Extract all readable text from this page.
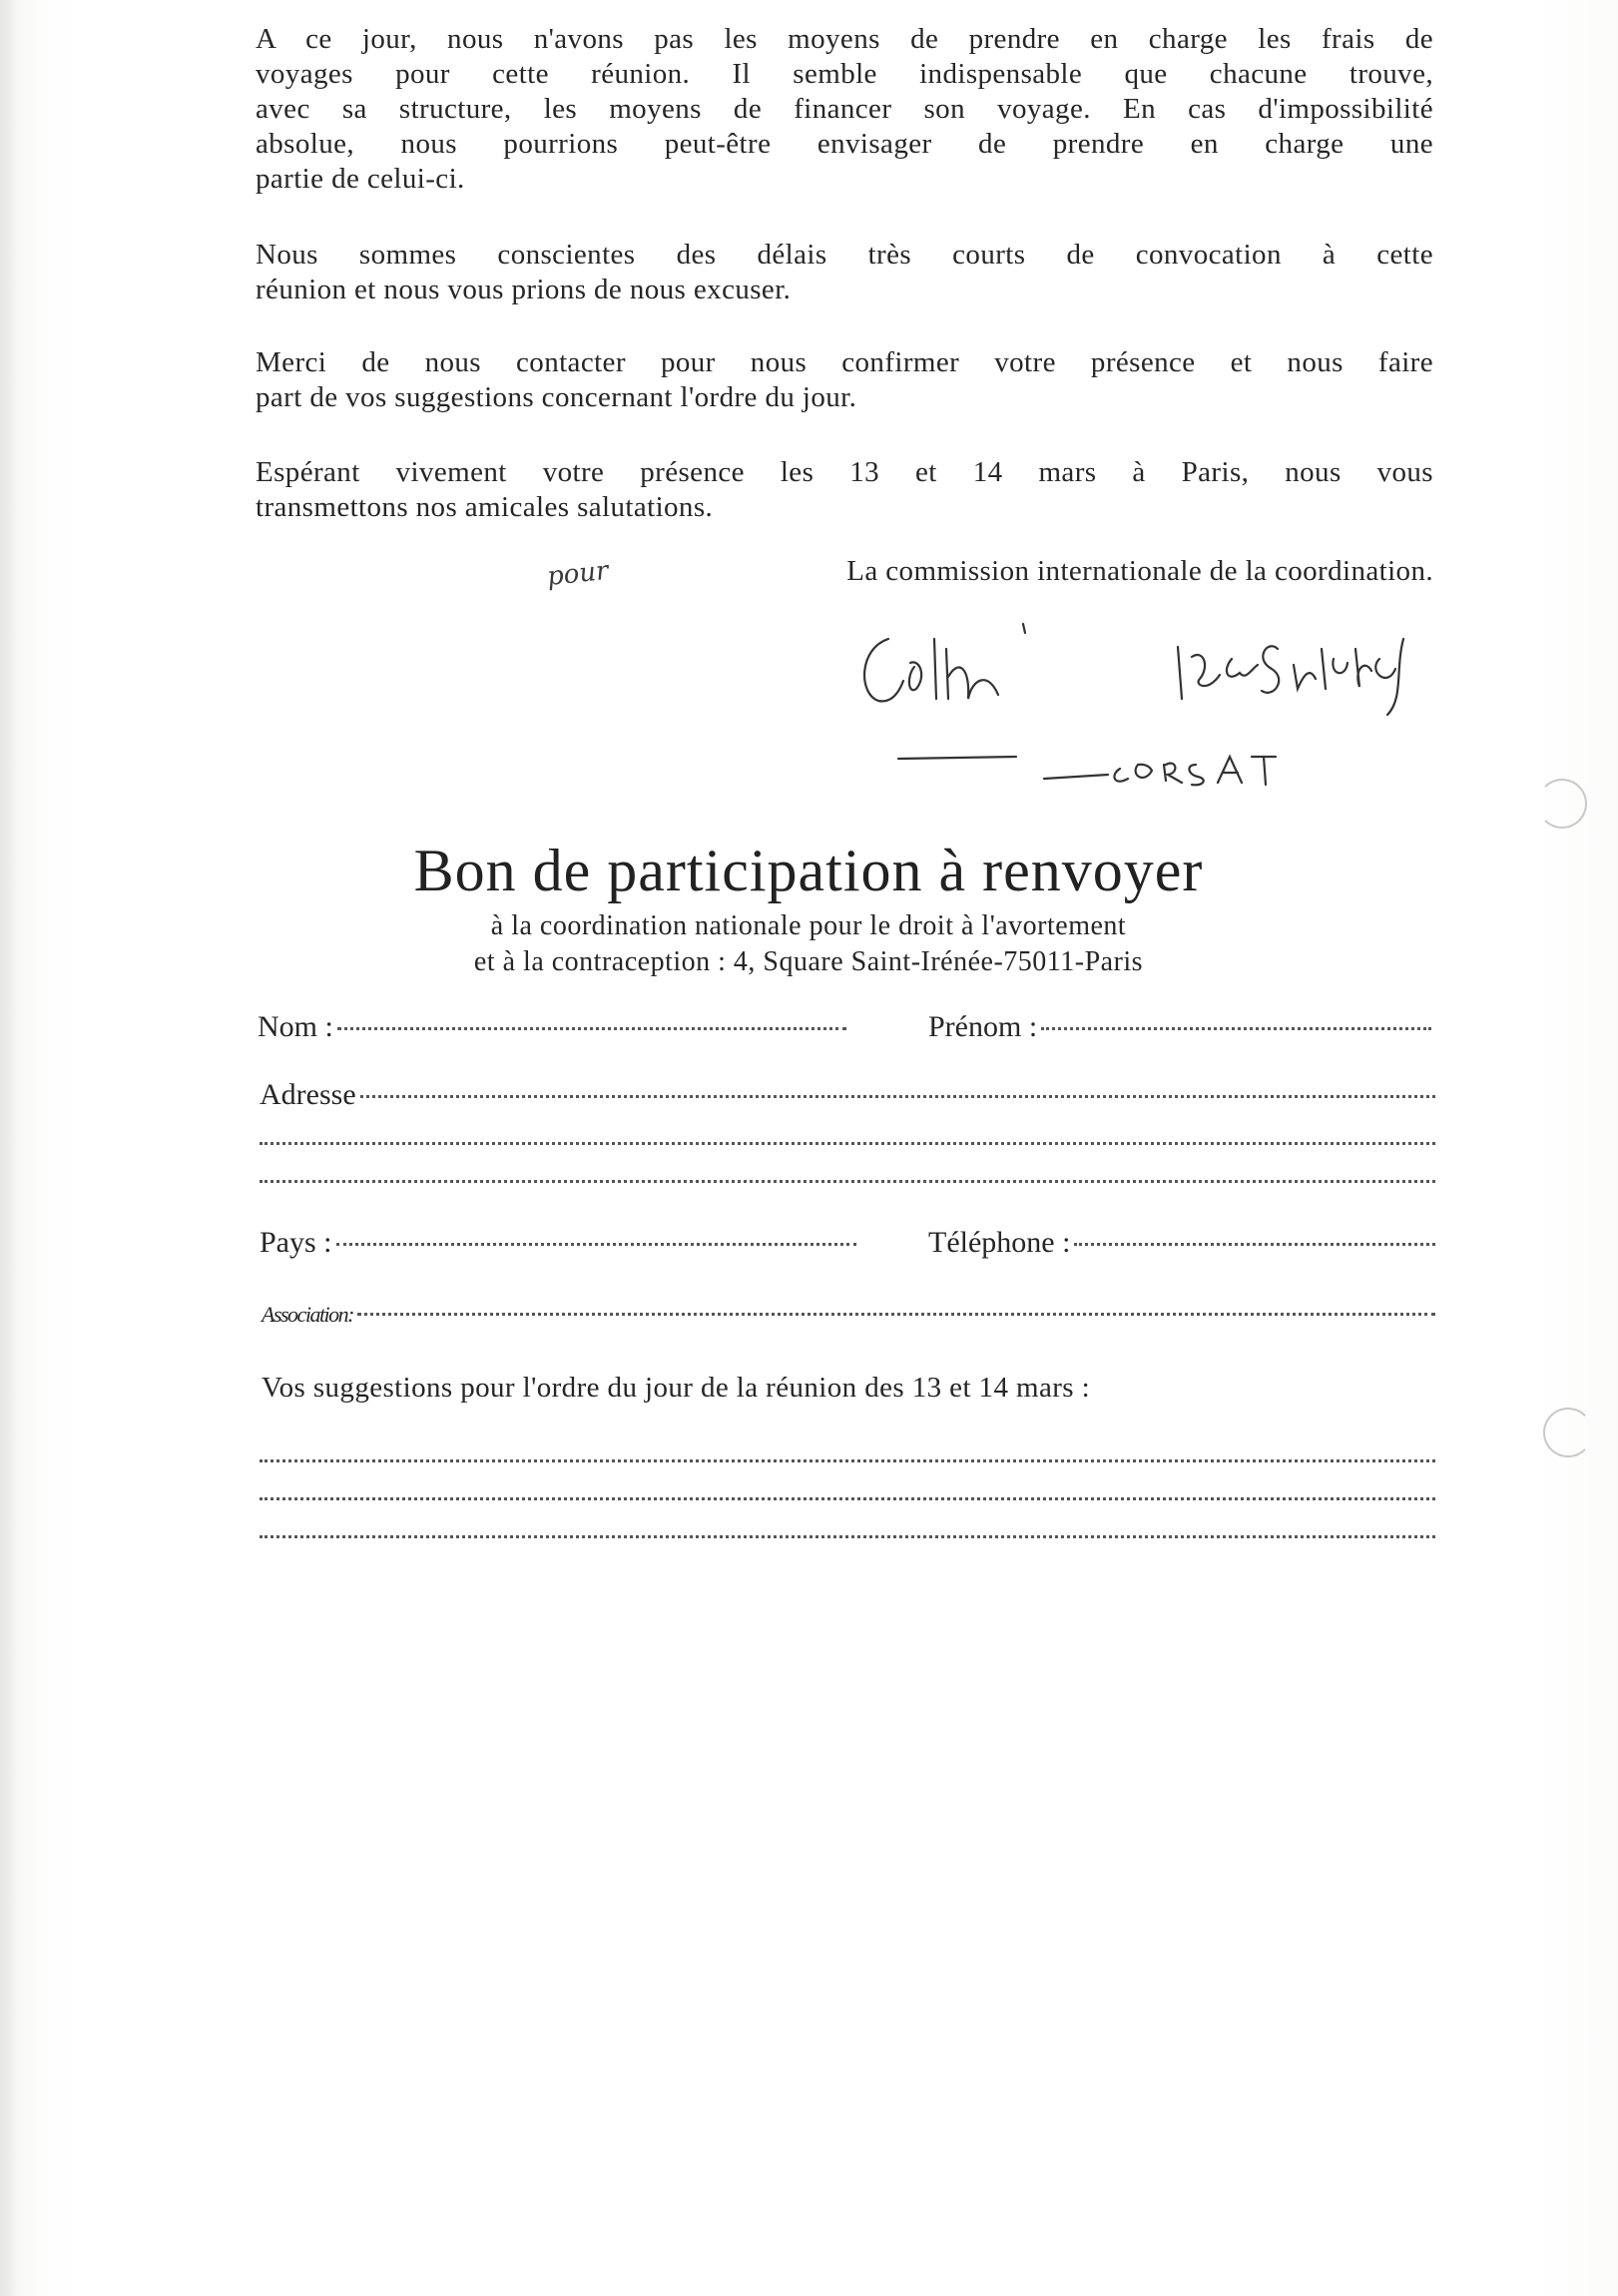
A ce jour, nous n'avons pas les moyens de prendre en charge les frais de
voyages pour cette réunion. Il semble indispensable que chacune trouve,
avec sa structure, les moyens de financer son voyage. En cas d'impossibilité
absolue, nous pourrions peut-être envisager de prendre en charge une
partie de celui-ci.
Nous sommes conscientes des délais très courts de convocation à cette
réunion et nous vous prions de nous excuser.
Merci de nous contacter pour nous confirmer votre présence et nous faire
part de vos suggestions concernant l'ordre du jour.
Espérant vivement votre présence les 13 et 14 mars à Paris, nous vous
transmettons nos amicales salutations.
pour	La commission internationale de la coordination.
Bon de participation à renvoyer
à la coordination nationale pour le droit à l'avortement
et à la contraception : 4, Square Saint-Irénée-75011-Paris
Nom :	Prénom :
Adresse
Pays :	Téléphone :
Association:
Vos suggestions pour l'ordre du jour de la réunion des 13 et 14 mars :
